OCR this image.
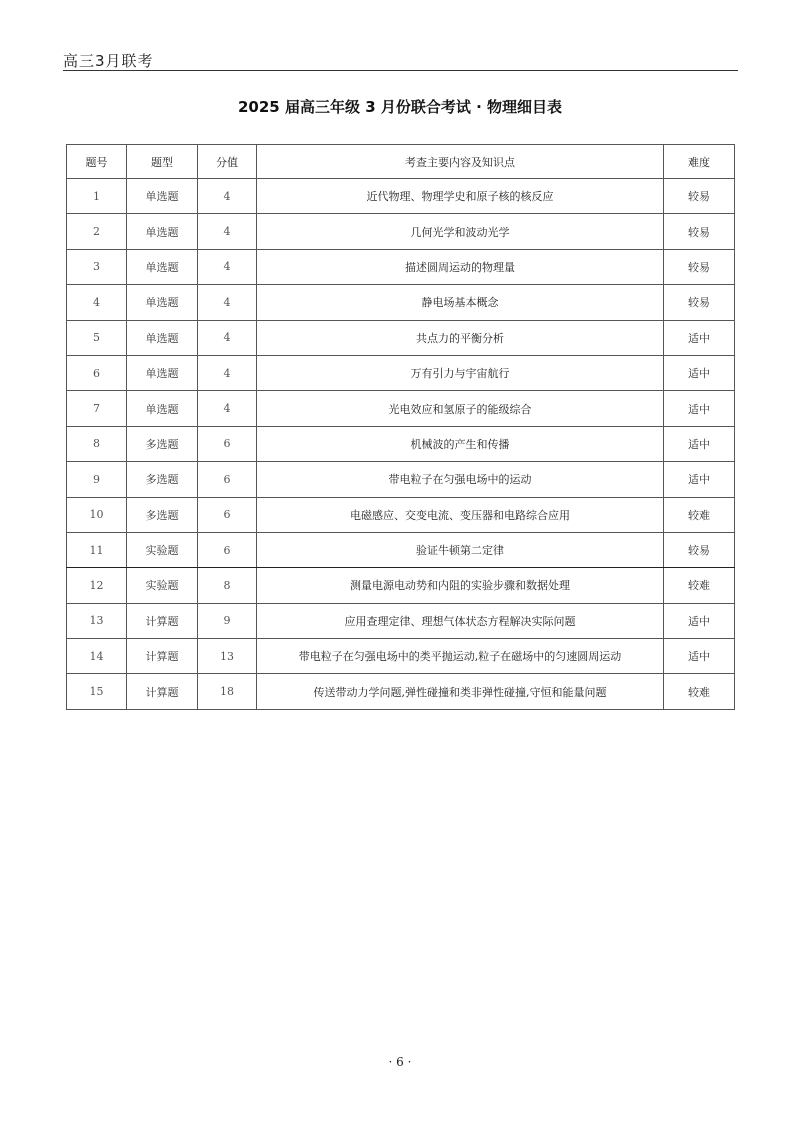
高三3月联考
2025 届高三年级 3 月份联合考试 · 物理细目表
题号	题型	分值	考查主要内容及知识点	难度
1	单选题	4	近代物理、物理学史和原子核的核反应	较易
2	单选题	4	几何光学和波动光学	较易
3	单选题	4	描述圆周运动的物理量	较易
4	单选题	4	静电场基本概念	较易
5	单选题	4	共点力的平衡分析	适中
6	单选题	4	万有引力与宇宙航行	适中
7	单选题	4	光电效应和氢原子的能级综合	适中
8	多选题	6	机械波的产生和传播	适中
9	多选题	6	带电粒子在匀强电场中的运动	适中
10	多选题	6	电磁感应、交变电流、变压器和电路综合应用	较难
11	实验题	6	验证牛顿第二定律	较易
12	实验题	8	测量电源电动势和内阻的实验步骤和数据处理	较难
13	计算题	9	应用查理定律、理想气体状态方程解决实际问题	适中
14	计算题	13	带电粒子在匀强电场中的类平抛运动,粒子在磁场中的匀速圆周运动	适中
15	计算题	18	传送带动力学问题,弹性碰撞和类非弹性碰撞,守恒和能量问题	较难
· 6 ·
